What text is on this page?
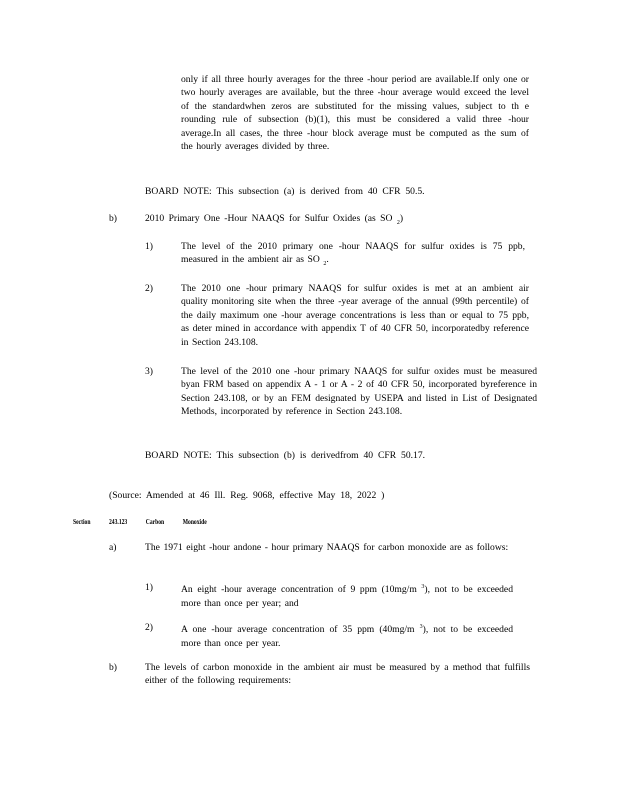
only if all three hourly averages for the three -hour period are available.If only one or two hourly averages are available, but the three -hour average would exceed the level of the standardwhen zeros are substituted for the missing values, subject to th e rounding rule of subsection (b)(1), this must be considered a valid three -hour average.In all cases, the three -hour block average must be computed as the sum of the hourly averages divided by three.
BOARD NOTE: This subsection (a) is derived from 40 CFR 50.5.
b)	2010 Primary One -Hour NAAQS for Sulfur Oxides (as SO $_2$)
1)	The level of the 2010 primary one -hour NAAQS for sulfur oxides is 75 ppb, measured in the ambient air as SO $_2$.
2)	The 2010 one -hour primary NAAQS for sulfur oxides is met at an ambient air quality monitoring site when the three -year average of the annual (99th percentile) of the daily maximum one -hour average concentrations is less than or equal to 75 ppb, as deter mined in accordance with appendix T of 40 CFR 50, incorporatedby reference in Section 243.108.
3)	The level of the 2010 one -hour primary NAAQS for sulfur oxides must be measured byan FRM based on appendix A - 1 or A - 2 of 40 CFR 50, incorporated byreference in Section 243.108, or by an FEM designated by USEPA and listed in List of Designated Methods, incorporated by reference in Section 243.108.
BOARD NOTE: This subsection (b) is derivedfrom 40 CFR 50.17.
(Source: Amended at 46 Ill. Reg. 9068, effective May 18, 2022 )
Section 243.123 Carbon Monoxide
a)	The 1971 eight -hour andone - hour primary NAAQS for carbon monoxide are as follows:
1)	An eight -hour average concentration of 9 ppm (10mg/m $^3$), not to be exceeded more than once per year; and
2)	A one -hour average concentration of 35 ppm (40mg/m $^3$), not to be exceeded more than once per year.
b)	The levels of carbon monoxide in the ambient air must be measured by a method that fulfills either of the following requirements:
